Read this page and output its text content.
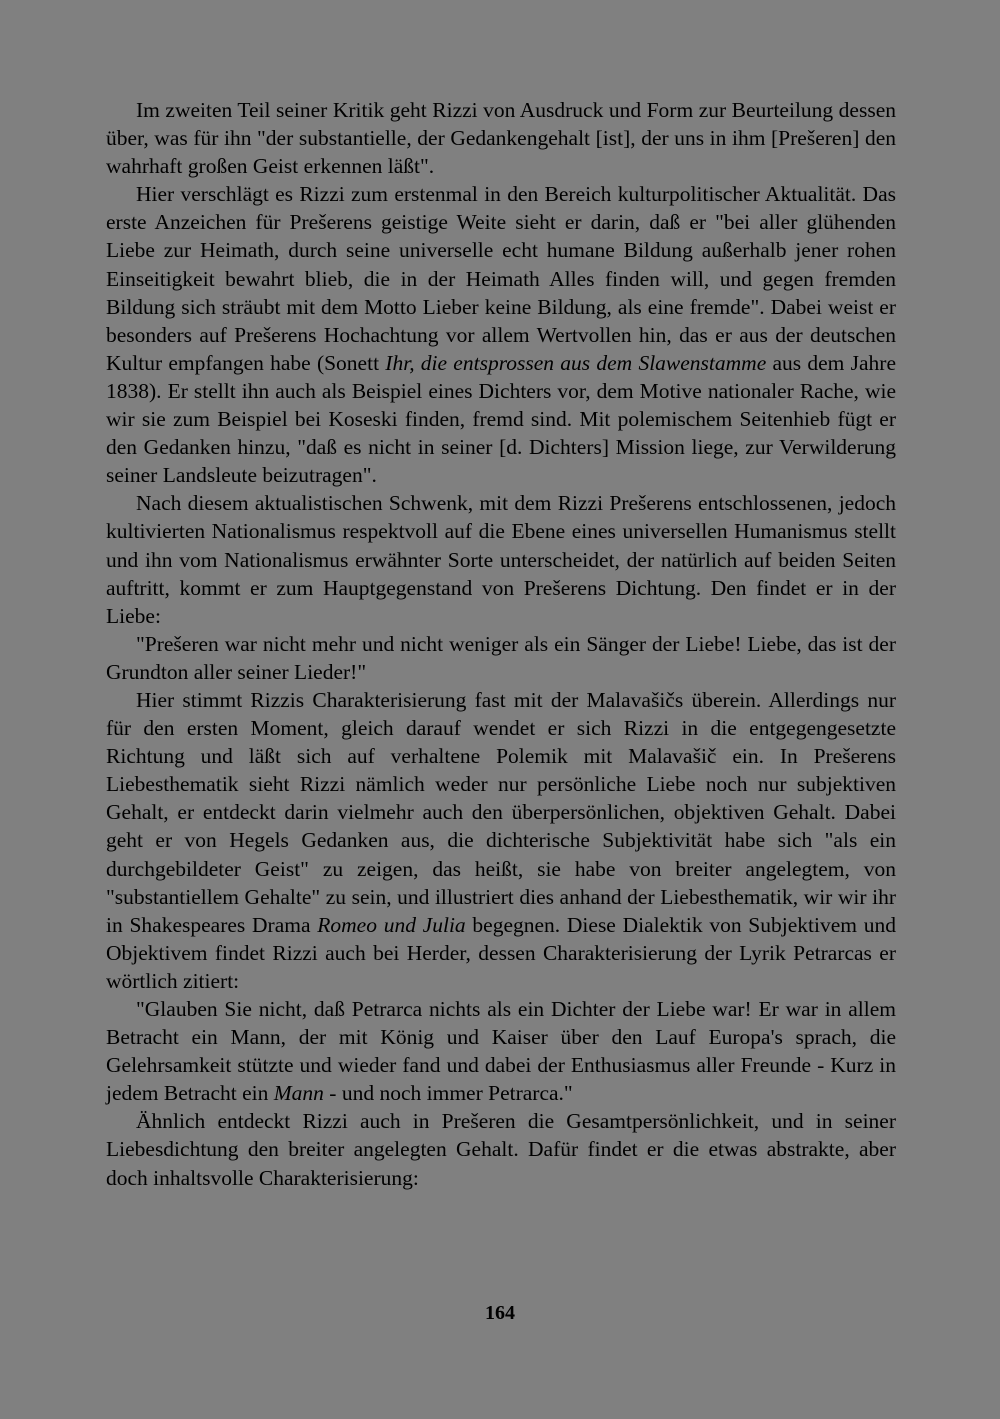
Im zweiten Teil seiner Kritik geht Rizzi von Ausdruck und Form zur Beurteilung dessen über, was für ihn "der substantielle, der Gedankengehalt [ist], der uns in ihm [Prešeren] den wahrhaft großen Geist erkennen läßt".

Hier verschlägt es Rizzi zum erstenmal in den Bereich kulturpolitischer Aktualität. Das erste Anzeichen für Prešerens geistige Weite sieht er darin, daß er "bei aller glühenden Liebe zur Heimath, durch seine universelle echt humane Bildung außerhalb jener rohen Einseitigkeit bewahrt blieb, die in der Heimath Alles finden will, und gegen fremden Bildung sich sträubt mit dem Motto Lieber keine Bildung, als eine fremde". Dabei weist er besonders auf Prešerens Hochachtung vor allem Wertvollen hin, das er aus der deutschen Kultur empfangen habe (Sonett Ihr, die entsprossen aus dem Slawenstamme aus dem Jahre 1838). Er stellt ihn auch als Beispiel eines Dichters vor, dem Motive nationaler Rache, wie wir sie zum Beispiel bei Koseski finden, fremd sind. Mit polemischem Seitenhieb fügt er den Gedanken hinzu, "daß es nicht in seiner [d. Dichters] Mission liege, zur Verwilderung seiner Landsleute beizutragen".

Nach diesem aktualistischen Schwenk, mit dem Rizzi Prešerens entschlossenen, jedoch kultivierten Nationalismus respektvoll auf die Ebene eines universellen Humanismus stellt und ihn vom Nationalismus erwähnter Sorte unterscheidet, der natürlich auf beiden Seiten auftritt, kommt er zum Hauptgegenstand von Prešerens Dichtung. Den findet er in der Liebe:

"Prešeren war nicht mehr und nicht weniger als ein Sänger der Liebe! Liebe, das ist der Grundton aller seiner Lieder!"

Hier stimmt Rizzis Charakterisierung fast mit der Malavašičs überein. Allerdings nur für den ersten Moment, gleich darauf wendet er sich Rizzi in die entgegengesetzte Richtung und läßt sich auf verhaltene Polemik mit Malavašič ein. In Prešerens Liebesthematik sieht Rizzi nämlich weder nur persönliche Liebe noch nur subjektiven Gehalt, er entdeckt darin vielmehr auch den überpersönlichen, objektiven Gehalt. Dabei geht er von Hegels Gedanken aus, die dichterische Subjektivität habe sich "als ein durchgebildeter Geist" zu zeigen, das heißt, sie habe von breiter angelegtem, von "substantiellem Gehalte" zu sein, und illustriert dies anhand der Liebesthematik, wir wir ihr in Shakespeares Drama Romeo und Julia begegnen. Diese Dialektik von Subjektivem und Objektivem findet Rizzi auch bei Herder, dessen Charakterisierung der Lyrik Petrarcas er wörtlich zitiert:

"Glauben Sie nicht, daß Petrarca nichts als ein Dichter der Liebe war! Er war in allem Betracht ein Mann, der mit König und Kaiser über den Lauf Europa's sprach, die Gelehrsamkeit stützte und wieder fand und dabei der Enthusiasmus aller Freunde - Kurz in jedem Betracht ein Mann - und noch immer Petrarca."

Ähnlich entdeckt Rizzi auch in Prešeren die Gesamtpersönlichkeit, und in seiner Liebesdichtung den breiter angelegten Gehalt. Dafür findet er die etwas abstrakte, aber doch inhaltsvolle Charakterisierung:

164
